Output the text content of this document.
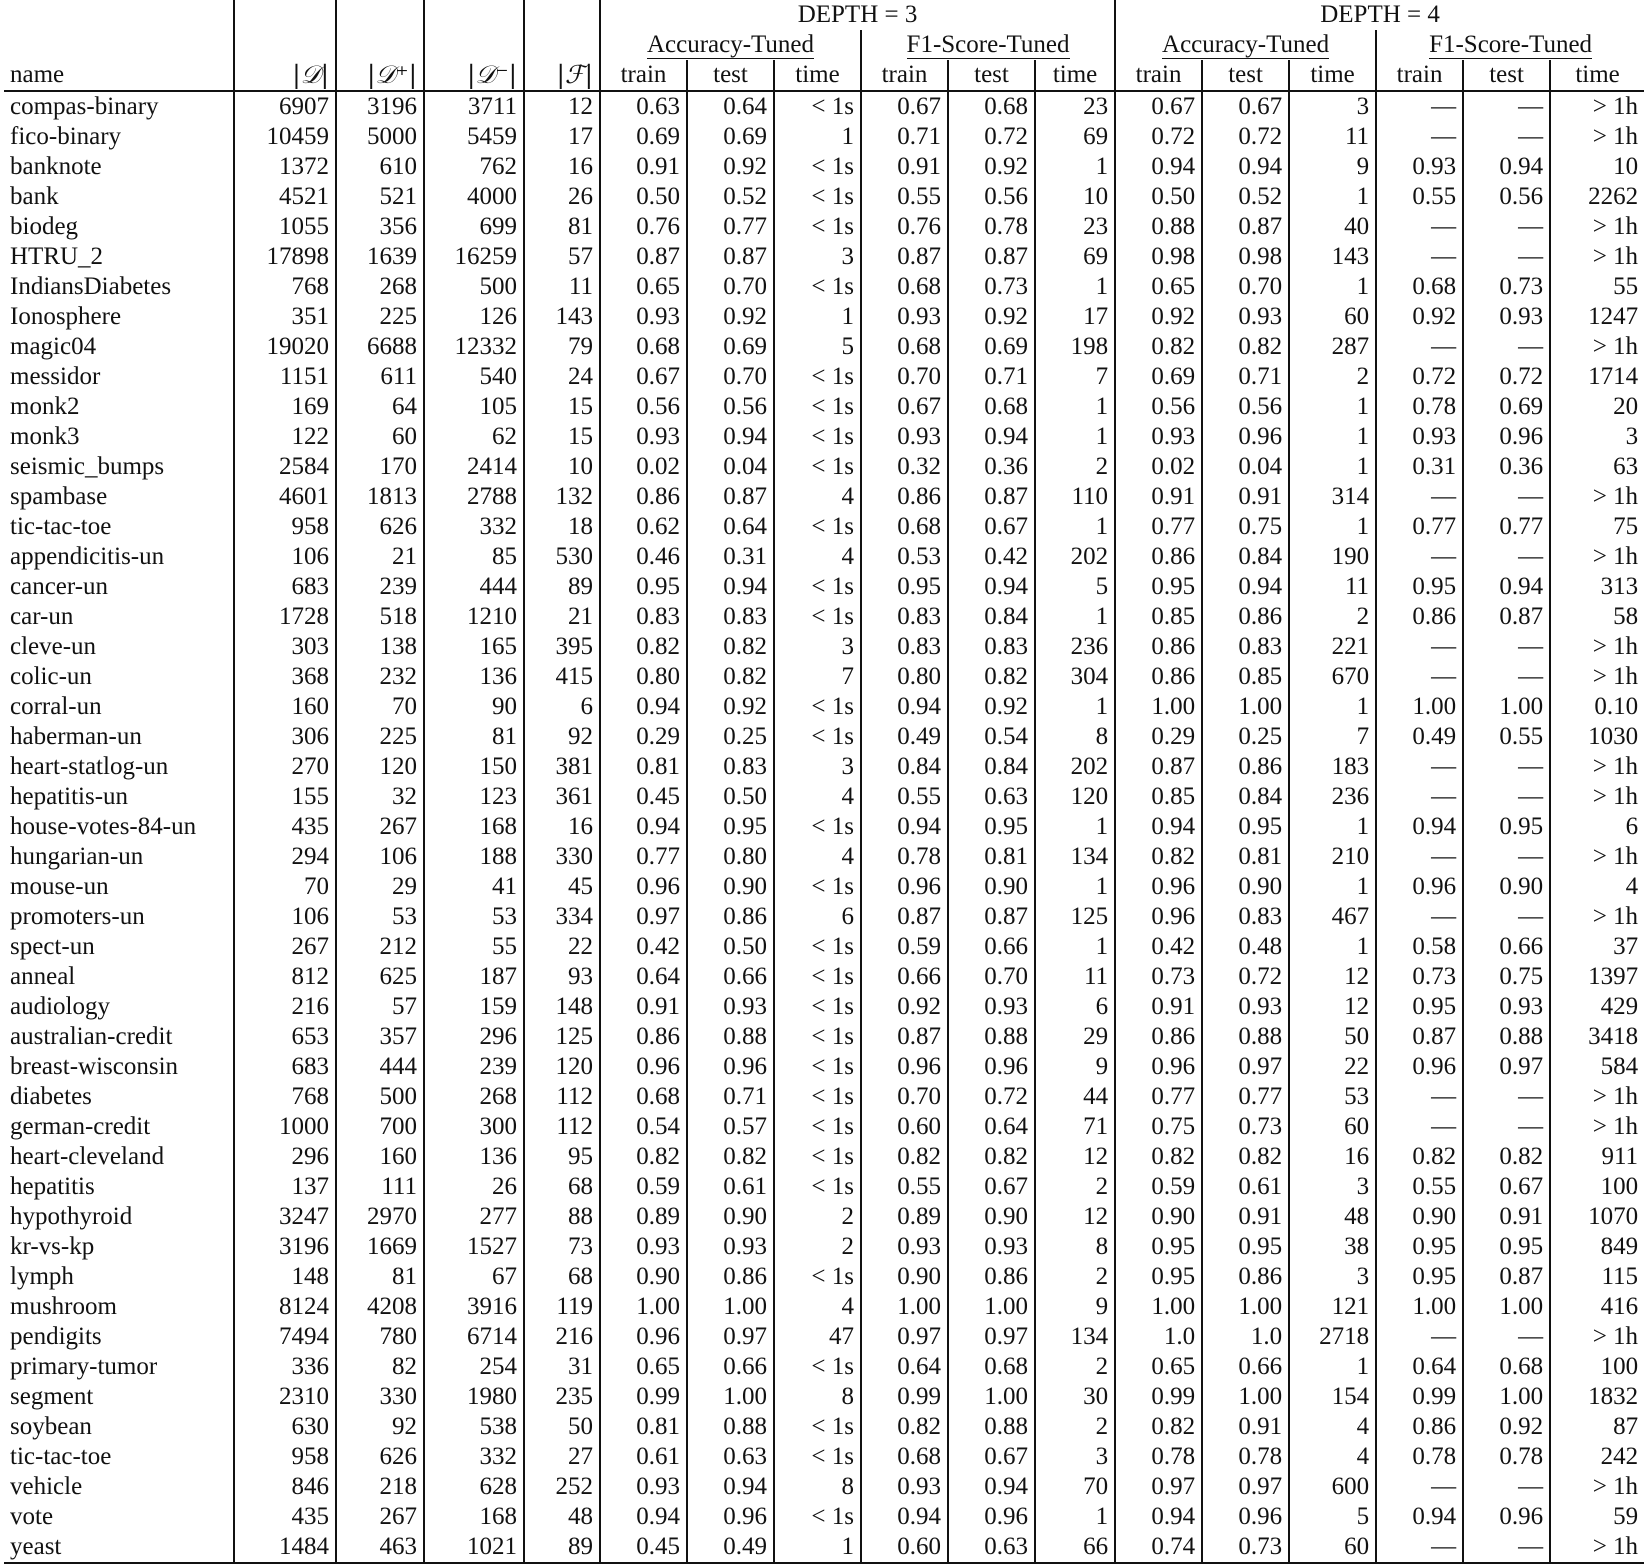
					DEPTH = 3						DEPTH = 4					
					Accuracy-Tuned			F1-Score-Tuned			Accuracy-Tuned			F1-Score-Tuned		
name	|𝒟|	|𝒟⁺|	|𝒟⁻|	|ℱ|	train	test	time	train	test	time	train	test	time	train	test	time
compas-binary	6907	3196	3711	12	0.63	0.64	< 1s	0.67	0.68	23	0.67	0.67	3	—	—	> 1h
fico-binary	10459	5000	5459	17	0.69	0.69	1	0.71	0.72	69	0.72	0.72	11	—	—	> 1h
banknote	1372	610	762	16	0.91	0.92	< 1s	0.91	0.92	1	0.94	0.94	9	0.93	0.94	10
bank	4521	521	4000	26	0.50	0.52	< 1s	0.55	0.56	10	0.50	0.52	1	0.55	0.56	2262
biodeg	1055	356	699	81	0.76	0.77	< 1s	0.76	0.78	23	0.88	0.87	40	—	—	> 1h
HTRU_2	17898	1639	16259	57	0.87	0.87	3	0.87	0.87	69	0.98	0.98	143	—	—	> 1h
IndiansDiabetes	768	268	500	11	0.65	0.70	< 1s	0.68	0.73	1	0.65	0.70	1	0.68	0.73	55
Ionosphere	351	225	126	143	0.93	0.92	1	0.93	0.92	17	0.92	0.93	60	0.92	0.93	1247
magic04	19020	6688	12332	79	0.68	0.69	5	0.68	0.69	198	0.82	0.82	287	—	—	> 1h
messidor	1151	611	540	24	0.67	0.70	< 1s	0.70	0.71	7	0.69	0.71	2	0.72	0.72	1714
monk2	169	64	105	15	0.56	0.56	< 1s	0.67	0.68	1	0.56	0.56	1	0.78	0.69	20
monk3	122	60	62	15	0.93	0.94	< 1s	0.93	0.94	1	0.93	0.96	1	0.93	0.96	3
seismic_bumps	2584	170	2414	10	0.02	0.04	< 1s	0.32	0.36	2	0.02	0.04	1	0.31	0.36	63
spambase	4601	1813	2788	132	0.86	0.87	4	0.86	0.87	110	0.91	0.91	314	—	—	> 1h
tic-tac-toe	958	626	332	18	0.62	0.64	< 1s	0.68	0.67	1	0.77	0.75	1	0.77	0.77	75
appendicitis-un	106	21	85	530	0.46	0.31	4	0.53	0.42	202	0.86	0.84	190	—	—	> 1h
cancer-un	683	239	444	89	0.95	0.94	< 1s	0.95	0.94	5	0.95	0.94	11	0.95	0.94	313
car-un	1728	518	1210	21	0.83	0.83	< 1s	0.83	0.84	1	0.85	0.86	2	0.86	0.87	58
cleve-un	303	138	165	395	0.82	0.82	3	0.83	0.83	236	0.86	0.83	221	—	—	> 1h
colic-un	368	232	136	415	0.80	0.82	7	0.80	0.82	304	0.86	0.85	670	—	—	> 1h
corral-un	160	70	90	6	0.94	0.92	< 1s	0.94	0.92	1	1.00	1.00	1	1.00	1.00	0.10
haberman-un	306	225	81	92	0.29	0.25	< 1s	0.49	0.54	8	0.29	0.25	7	0.49	0.55	1030
heart-statlog-un	270	120	150	381	0.81	0.83	3	0.84	0.84	202	0.87	0.86	183	—	—	> 1h
hepatitis-un	155	32	123	361	0.45	0.50	4	0.55	0.63	120	0.85	0.84	236	—	—	> 1h
house-votes-84-un	435	267	168	16	0.94	0.95	< 1s	0.94	0.95	1	0.94	0.95	1	0.94	0.95	6
hungarian-un	294	106	188	330	0.77	0.80	4	0.78	0.81	134	0.82	0.81	210	—	—	> 1h
mouse-un	70	29	41	45	0.96	0.90	< 1s	0.96	0.90	1	0.96	0.90	1	0.96	0.90	4
promoters-un	106	53	53	334	0.97	0.86	6	0.87	0.87	125	0.96	0.83	467	—	—	> 1h
spect-un	267	212	55	22	0.42	0.50	< 1s	0.59	0.66	1	0.42	0.48	1	0.58	0.66	37
anneal	812	625	187	93	0.64	0.66	< 1s	0.66	0.70	11	0.73	0.72	12	0.73	0.75	1397
audiology	216	57	159	148	0.91	0.93	< 1s	0.92	0.93	6	0.91	0.93	12	0.95	0.93	429
australian-credit	653	357	296	125	0.86	0.88	< 1s	0.87	0.88	29	0.86	0.88	50	0.87	0.88	3418
breast-wisconsin	683	444	239	120	0.96	0.96	< 1s	0.96	0.96	9	0.96	0.97	22	0.96	0.97	584
diabetes	768	500	268	112	0.68	0.71	< 1s	0.70	0.72	44	0.77	0.77	53	—	—	> 1h
german-credit	1000	700	300	112	0.54	0.57	< 1s	0.60	0.64	71	0.75	0.73	60	—	—	> 1h
heart-cleveland	296	160	136	95	0.82	0.82	< 1s	0.82	0.82	12	0.82	0.82	16	0.82	0.82	911
hepatitis	137	111	26	68	0.59	0.61	< 1s	0.55	0.67	2	0.59	0.61	3	0.55	0.67	100
hypothyroid	3247	2970	277	88	0.89	0.90	2	0.89	0.90	12	0.90	0.91	48	0.90	0.91	1070
kr-vs-kp	3196	1669	1527	73	0.93	0.93	2	0.93	0.93	8	0.95	0.95	38	0.95	0.95	849
lymph	148	81	67	68	0.90	0.86	< 1s	0.90	0.86	2	0.95	0.86	3	0.95	0.87	115
mushroom	8124	4208	3916	119	1.00	1.00	4	1.00	1.00	9	1.00	1.00	121	1.00	1.00	416
pendigits	7494	780	6714	216	0.96	0.97	47	0.97	0.97	134	1.0	1.0	2718	—	—	> 1h
primary-tumor	336	82	254	31	0.65	0.66	< 1s	0.64	0.68	2	0.65	0.66	1	0.64	0.68	100
segment	2310	330	1980	235	0.99	1.00	8	0.99	1.00	30	0.99	1.00	154	0.99	1.00	1832
soybean	630	92	538	50	0.81	0.88	< 1s	0.82	0.88	2	0.82	0.91	4	0.86	0.92	87
tic-tac-toe	958	626	332	27	0.61	0.63	< 1s	0.68	0.67	3	0.78	0.78	4	0.78	0.78	242
vehicle	846	218	628	252	0.93	0.94	8	0.93	0.94	70	0.97	0.97	600	—	—	> 1h
vote	435	267	168	48	0.94	0.96	< 1s	0.94	0.96	1	0.94	0.96	5	0.94	0.96	59
yeast	1484	463	1021	89	0.45	0.49	1	0.60	0.63	66	0.74	0.73	60	—	—	> 1h
